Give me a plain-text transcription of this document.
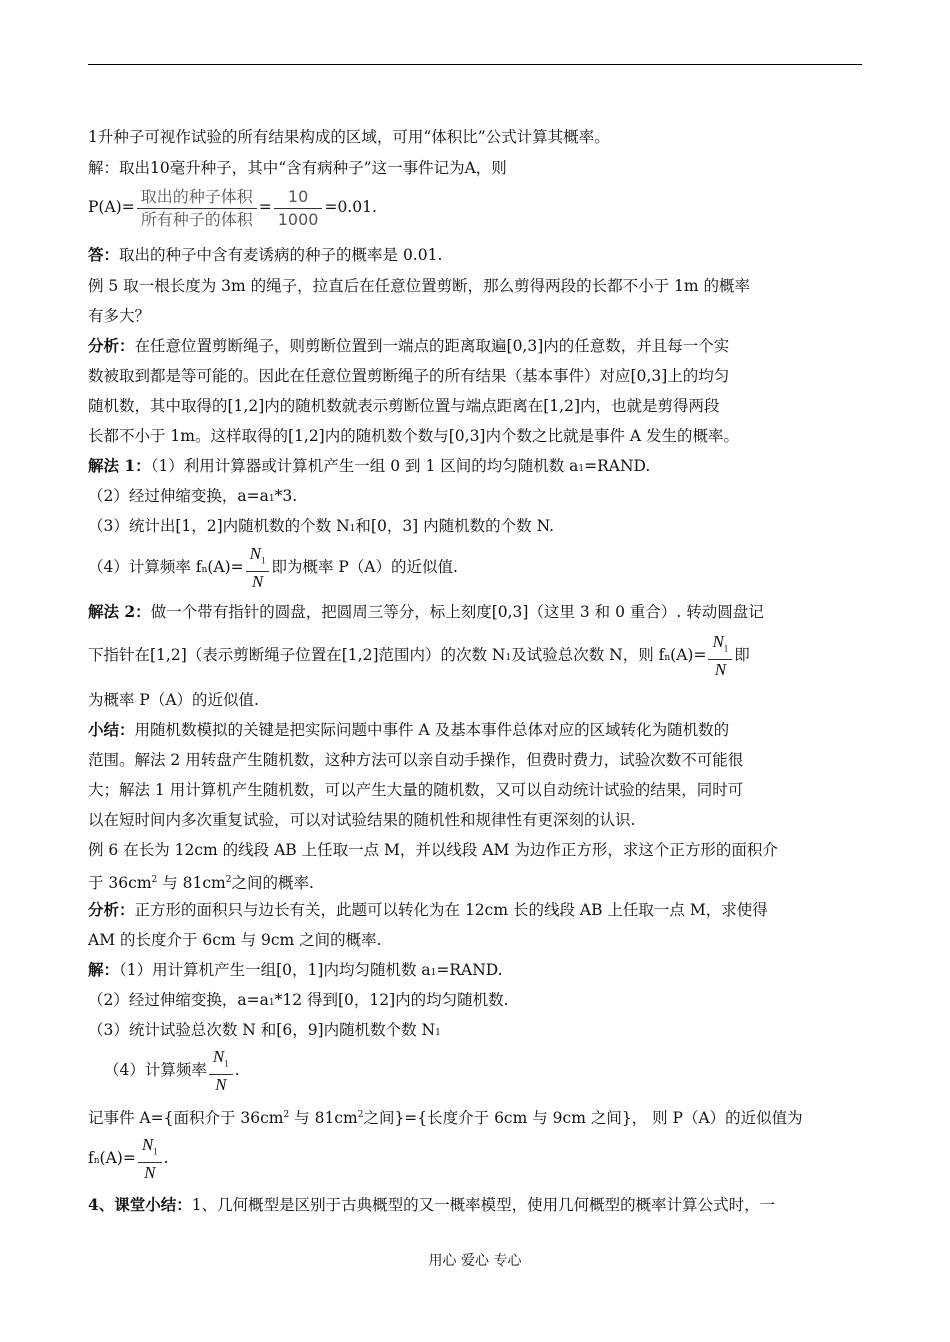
1升种子可视作试验的所有结果构成的区域，可用“体积比”公式计算其概率。
解：取出10毫升种子，其中“含有病种子”这一事件记为A，则
$P(A)= \frac{\text{取出的种子体积}}{\text{所有种子的体积}} = \frac{10}{1000} =0.01$.
答：取出的种子中含有麦诱病的种子的概率是 0.01.
例 5 取一根长度为 3m 的绳子，拉直后在任意位置剪断，那么剪得两段的长都不小于 1m 的概率
有多大？
分析：在任意位置剪断绳子，则剪断位置到一端点的距离取遍[0,3]内的任意数，并且每一个实
数被取到都是等可能的。因此在任意位置剪断绳子的所有结果（基本事件）对应[0,3]上的均匀
随机数，其中取得的[1,2]内的随机数就表示剪断位置与端点距离在[1,2]内，也就是剪得两段
长都不小于 1m。这样取得的[1,2]内的随机数个数与[0,3]内个数之比就是事件 A 发生的概率。
解法 1：（1）利用计算器或计算机产生一组 0 到 1 区间的均匀随机数 a1=RAND.
（2）经过伸缩变换，a=a1*3.
（3）统计出[1，2]内随机数的个数 N1和[0，3] 内随机数的个数 N.
（4）计算频率 $fn(A)= \frac{N_1}{N}$ 即为概率 P（A）的近似值.
解法 2：做一个带有指针的圆盘，把圆周三等分，标上刻度[0,3]（这里 3 和 0 重合）. 转动圆盘记
下指针在[1,2]（表示剪断绳子位置在[1,2]范围内）的次数 N1及试验总次数 N，则 $fn(A)= \frac{N_1}{N}$ 即
为概率 P（A）的近似值.
小结：用随机数模拟的关键是把实际问题中事件 A 及基本事件总体对应的区域转化为随机数的
范围。解法 2 用转盘产生随机数，这种方法可以亲自动手操作，但费时费力，试验次数不可能很
大；解法 1 用计算机产生随机数，可以产生大量的随机数，又可以自动统计试验的结果，同时可
以在短时间内多次重复试验，可以对试验结果的随机性和规律性有更深刻的认识.
例 6 在长为 12cm 的线段 AB 上任取一点 M，并以线段 AM 为边作正方形，求这个正方形的面积介
于 $36cm^2$ 与 $81cm^2$之间的概率.
分析：正方形的面积只与边长有关，此题可以转化为在 12cm 长的线段 AB 上任取一点 M，求使得
AM 的长度介于 6cm 与 9cm 之间的概率.
解：（1）用计算机产生一组[0，1]内均匀随机数 a1=RAND.
（2）经过伸缩变换，a=a1*12 得到[0，12]内的均匀随机数.
（3）统计试验总次数 N 和[6，9]内随机数个数 N1
（4）计算频率 $\frac{N_1}{N}$ .
记事件 A={面积介于 $36cm^2$ 与 $81cm^2$之间}={长度介于 6cm 与 9cm 之间}， 则 P（A）的近似值为
$fn(A)= \frac{N_1}{N}$ .
4、课堂小结：1、几何概型是区别于古典概型的又一概率模型，使用几何概型的概率计算公式时，一
用心 爱心 专心
